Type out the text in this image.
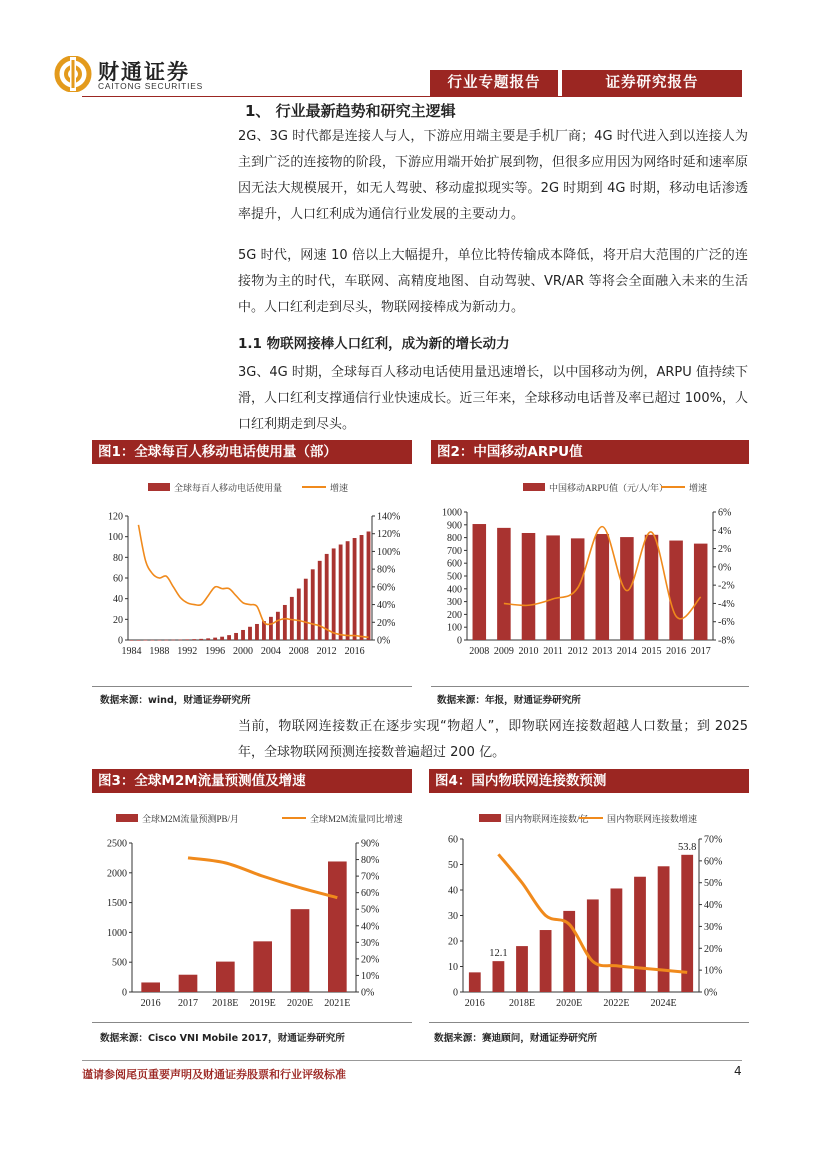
财通证券
CAITONG SECURITIES	行业专题报告	证券研究报告
1、 行业最新趋势和研究主逻辑

2G、3G 时代都是连接人与人，下游应用端主要是手机厂商；4G 时代进入到以连接人为主到广泛的连接物的阶段，下游应用端开始扩展到物，但很多应用因为网络时延和速率原因无法大规模展开，如无人驾驶、移动虚拟现实等。2G 时期到 4G 时期，移动电话渗透率提升，人口红利成为通信行业发展的主要动力。

5G 时代，网速 10 倍以上大幅提升，单位比特传输成本降低，将开启大范围的广泛的连接物为主的时代，车联网、高精度地图、自动驾驶、VR/AR 等将会全面融入未来的生活中。人口红利走到尽头，物联网接棒成为新动力。

1.1 物联网接棒人口红利，成为新的增长动力

3G、4G 时期，全球每百人移动电话使用量迅速增长，以中国移动为例，ARPU 值持续下滑，人口红利支撑通信行业快速成长。近三年来，全球移动电话普及率已超过 100%，人口红利期走到尽头。

图1：全球每百人移动电话使用量（部）	图2：中国移动ARPU值
全球每百人移动电话使用量	增速
0
20
40
60
80
100
120
0%
20%
40%
60%
80%
100%
120%
140%
1984 1988 1992 1996 2000 2004 2008 2012 2016
中国移动ARPU值（元/人/年） 增速
0
100
200
300
400
500
600
700
800
900
1000
-8%
-6%
-4%
-2%
0%
2%
4%
6%
2008 2009 2010 2011 2012 2013 2014 2015 2016 2017
数据来源：wind，财通证券研究所	数据来源：年报，财通证券研究所

当前，物联网连接数正在逐步实现“物超人”，即物联网连接数超越人口数量；到 2025 年，全球物联网预测连接数普遍超过 200 亿。

图3：全球M2M流量预测值及增速	图4：国内物联网连接数预测
全球M2M流量预测PB/月	全球M2M流量同比增速
0
500
1000
1500
2000
2500
0%
10%
20%
30%
40%
50%
60%
70%
80%
90%
2016 2017 2018E 2019E 2020E 2021E
国内物联网连接数/亿 国内物联网连接数增速
0
10
20
30
40
50
60
0%
10%
20%
30%
40%
50%
60%
70%
2016 2018E 2020E 2022E 2024E
12.1
53.8
数据来源：Cisco VNI Mobile 2017，财通证券研究所	数据来源：赛迪顾问，财通证券研究所
谨请参阅尾页重要声明及财通证券股票和行业评级标准	4
